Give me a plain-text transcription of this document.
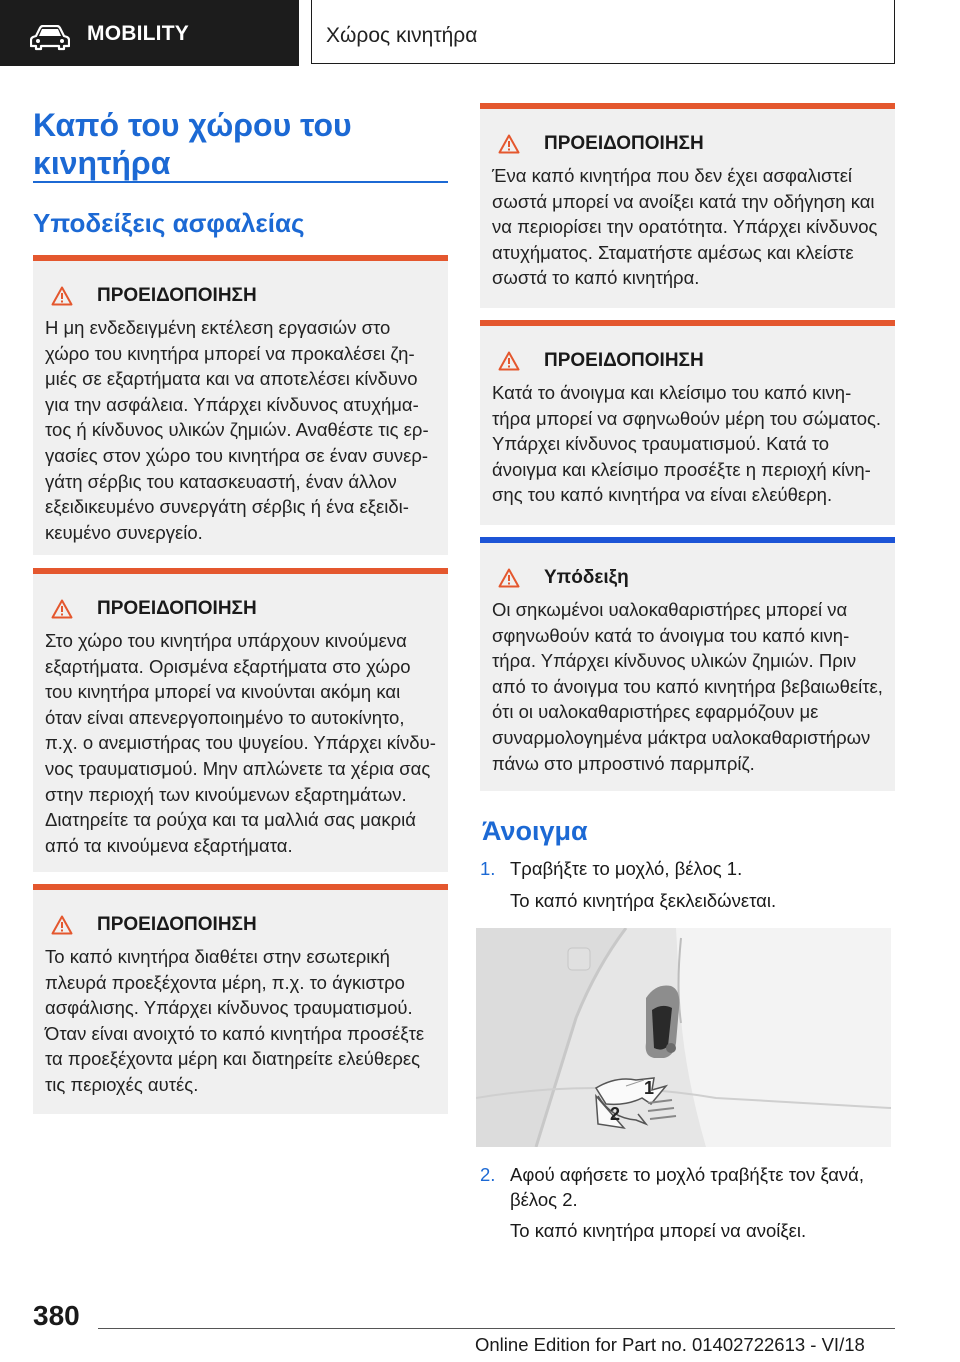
MOBILITY	Χώρος κινητήρα
Καπό του χώρου του κινητήρα
Υποδείξεις ασφαλείας
ΠΡΟΕΙΔΟΠΟΙΗΣΗ

Η μη ενδεδειγμένη εκτέλεση εργασιών στο χώρο του κινητήρα μπορεί να προκαλέσει ζημιές σε εξαρτήματα και να αποτελέσει κίνδυνο για την ασφάλεια. Υπάρχει κίνδυνος ατυχήματος ή κίνδυνος υλικών ζημιών. Αναθέστε τις εργασίες στον χώρο του κινητήρα σε έναν συνεργάτη σέρβις του κατασκευαστή, έναν άλλον εξειδικευμένο συνεργάτη σέρβις ή ένα εξειδικευμένο συνεργείο.

ΠΡΟΕΙΔΟΠΟΙΗΣΗ

Στο χώρο του κινητήρα υπάρχουν κινούμενα εξαρτήματα. Ορισμένα εξαρτήματα στο χώρο του κινητήρα μπορεί να κινούνται ακόμη και όταν είναι απενεργοποιημένο το αυτοκίνητο, π.χ. ο ανεμιστήρας του ψυγείου. Υπάρχει κίνδυνος τραυματισμού. Μην απλώνετε τα χέρια σας στην περιοχή των κινούμενων εξαρτημάτων. Διατηρείτε τα ρούχα και τα μαλλιά σας μακριά από τα κινούμενα εξαρτήματα.

ΠΡΟΕΙΔΟΠΟΙΗΣΗ

Το καπό κινητήρα διαθέτει στην εσωτερική πλευρά προεξέχοντα μέρη, π.χ. το άγκιστρο ασφάλισης. Υπάρχει κίνδυνος τραυματισμού. Όταν είναι ανοιχτό το καπό κινητήρα προσέξτε τα προεξέχοντα μέρη και διατηρείτε ελεύθερες τις περιοχές αυτές.

ΠΡΟΕΙΔΟΠΟΙΗΣΗ

Ένα καπό κινητήρα που δεν έχει ασφαλιστεί σωστά μπορεί να ανοίξει κατά την οδήγηση και να περιορίσει την ορατότητα. Υπάρχει κίνδυνος ατυχήματος. Σταματήστε αμέσως και κλείστε σωστά το καπό κινητήρα.

ΠΡΟΕΙΔΟΠΟΙΗΣΗ

Κατά το άνοιγμα και κλείσιμο του καπό κινητήρα μπορεί να σφηνωθούν μέρη του σώματος. Υπάρχει κίνδυνος τραυματισμού. Κατά το άνοιγμα και κλείσιμο προσέξτε η περιοχή κίνησης του καπό κινητήρα να είναι ελεύθερη.

Υπόδειξη

Οι σηκωμένοι υαλοκαθαριστήρες μπορεί να σφηνωθούν κατά το άνοιγμα του καπό κινητήρα. Υπάρχει κίνδυνος υλικών ζημιών. Πριν από το άνοιγμα του καπό κινητήρα βεβαιωθείτε, ότι οι υαλοκαθαριστήρες εφαρμόζουν με συναρμολογημένα μάκτρα υαλοκαθαριστήρων πάνω στο μπροστινό παρμπρίζ.

Άνοιγμα
1. Τραβήξτε το μοχλό, βέλος 1.
Το καπό κινητήρα ξεκλειδώνεται.
1
2
2. Αφού αφήσετε το μοχλό τραβήξτε τον ξανά, βέλος 2.
Το καπό κινητήρα μπορεί να ανοίξει.
380
Online Edition for Part no. 01402722613 - VI/18
